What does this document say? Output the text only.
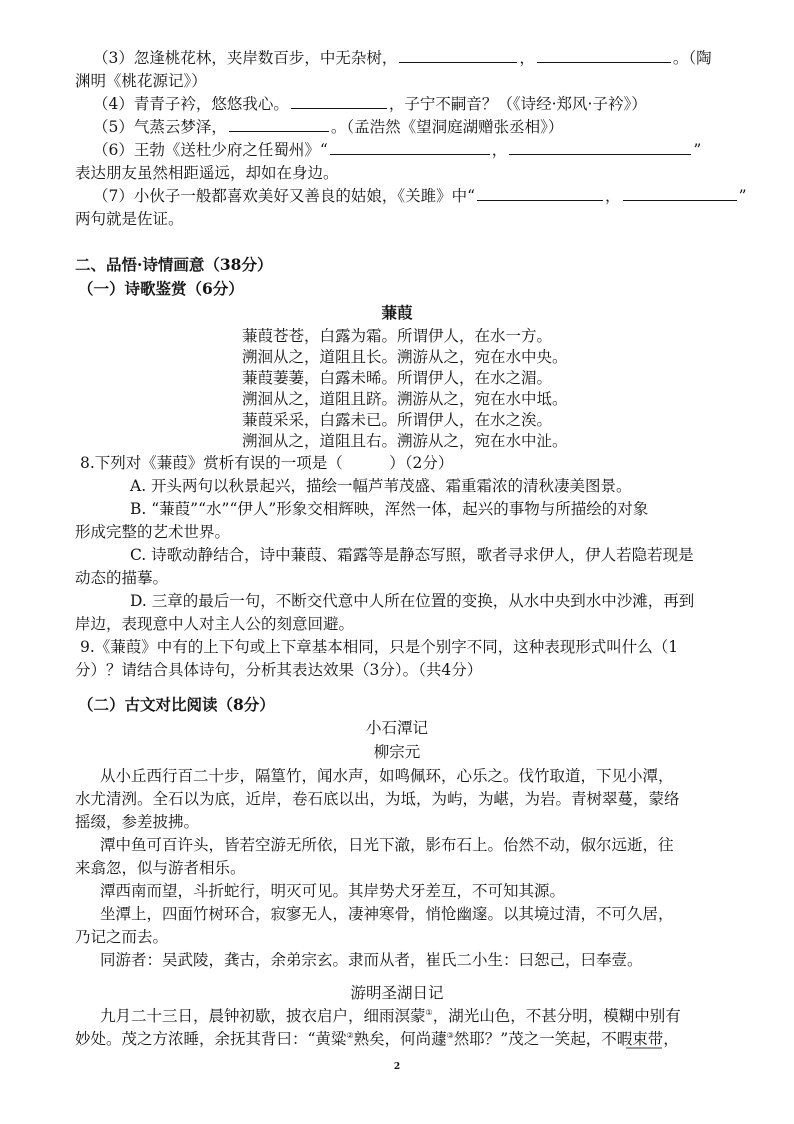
（3）忽逢桃花林，夹岸数百步，中无杂树，	，	。（陶
渊明《桃花源记》）
（4）青青子衿，悠悠我心。	，子宁不嗣音？（《诗经·郑风·子衿》）
（5）气蒸云梦泽，	。（孟浩然《望洞庭湖赠张丞相》）
（6）王勃《送杜少府之任蜀州》“	，	”
表达朋友虽然相距遥远，却如在身边。
（7）小伙子一般都喜欢美好又善良的姑娘，《关雎》中“	，	”
两句就是佐证。
二、品悟·诗情画意（38分）
（一）诗歌鉴赏（6分）
蒹葭
蒹葭苍苍，白露为霜。所谓伊人，在水一方。
溯洄从之，道阻且长。溯游从之，宛在水中央。
蒹葭萋萋，白露未晞。所谓伊人，在水之湄。
溯洄从之，道阻且跻。溯游从之，宛在水中坻。
蒹葭采采，白露未已。所谓伊人，在水之涘。
溯洄从之，道阻且右。溯游从之，宛在水中沚。
8.下列对《蒹葭》赏析有误的一项是（　　　）（2分）
A. 开头两句以秋景起兴，描绘一幅芦苇茂盛、霜重霜浓的清秋凄美图景。
B. “蒹葭”“水”“伊人”形象交相辉映，浑然一体，起兴的事物与所描绘的对象
形成完整的艺术世界。
C. 诗歌动静结合，诗中蒹葭、霜露等是静态写照，歌者寻求伊人，伊人若隐若现是
动态的描摹。
D. 三章的最后一句，不断交代意中人所在位置的变换，从水中央到水中沙滩，再到
岸边，表现意中人对主人公的刻意回避。
9.《蒹葭》中有的上下句或上下章基本相同，只是个别字不同，这种表现形式叫什么（1
分）？请结合具体诗句，分析其表达效果（3分）。（共4分）
（二）古文对比阅读（8分）
小石潭记
柳宗元
从小丘西行百二十步，隔篁竹，闻水声，如鸣佩环，心乐之。伐竹取道，下见小潭，
水尤清洌。全石以为底，近岸，卷石底以出，为坻，为屿，为嵁，为岩。青树翠蔓，蒙络
摇缀，参差披拂。
潭中鱼可百许头，皆若空游无所依，日光下澈，影布石上。佁然不动，俶尔远逝，往
来翕忽，似与游者相乐。
潭西南而望，斗折蛇行，明灭可见。其岸势犬牙差互，不可知其源。
坐潭上，四面竹树环合，寂寥无人，凄神寒骨，悄怆幽邃。以其境过清，不可久居，
乃记之而去。
同游者：吴武陵，龚古，余弟宗玄。隶而从者，崔氏二小生：曰恕己，曰奉壹。
游明圣湖日记
九月二十三日，晨钟初歇，披衣启户，细雨溟蒙①，湖光山色，不甚分明，模糊中别有
妙处。茂之方浓睡，余抚其背曰：“黄粱②熟矣，何尚蘧③然耶？”茂之一笑起，不暇束带，
2
